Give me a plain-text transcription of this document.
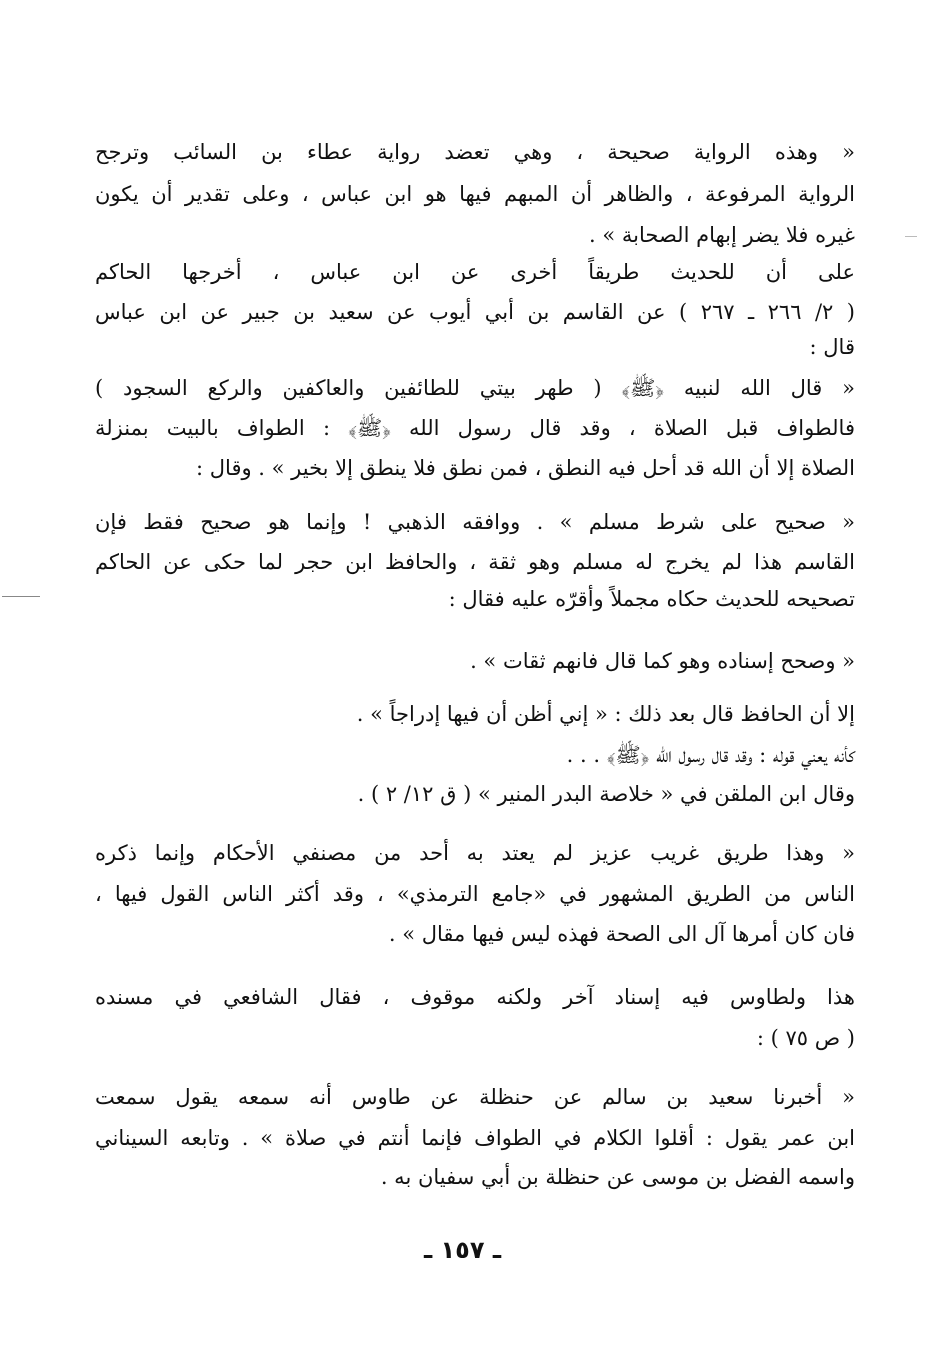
« وهذه الرواية صحيحة ، وهي تعضد رواية عطاء بن السائب وترجح
الرواية المرفوعة ، والظاهر أن المبهم فيها هو ابن عباس ، وعلى تقدير أن يكون
غيره فلا يضر إبهام الصحابة » .
على أن للحديث طريقاً أخرى عن ابن عباس ، أخرجها الحاكم
( ٢/ ٢٦٦ ـ ٢٦٧ ) عن القاسم بن أبي أيوب عن سعيد بن جبير عن ابن عباس
قال :
« قال الله لنبيه ﴿ﷺ﴾ ( طهر بيتي للطائفين والعاكفين والركع السجود )
فالطواف قبل الصلاة ، وقد قال رسول الله ﴿ﷺ﴾ : الطواف بالبيت بمنزلة
الصلاة إلا أن الله قد أحل فيه النطق ، فمن نطق فلا ينطق إلا بخير » . وقال :
« صحيح على شرط مسلم » . ووافقه الذهبي ! وإنما هو صحيح فقط فإن
القاسم هذا لم يخرج له مسلم وهو ثقة ، والحافظ ابن حجر لما حكى عن الحاكم
تصحيحه للحديث حكاه مجملاً وأقرّه عليه فقال :
« وصحح إسناده وهو كما قال فانهم ثقات » .
إلا أن الحافظ قال بعد ذلك : « إني أظن أن فيها إدراجاً » .
كأنه يعني قوله : وقد قال رسول الله ﴿ﷺ﴾ . . .
وقال ابن الملقن في « خلاصة البدر المنير » ( ق ١٢/ ٢ ) .
« وهذا طريق غريب عزيز لم يعتد به أحد من مصنفي الأحكام وإنما ذكره
الناس من الطريق المشهور في «جامع الترمذي» ، وقد أكثر الناس القول فيها ،
فان كان أمرها آل الى الصحة فهذه ليس فيها مقال » .
هذا ولطاوس فيه إسناد آخر ولكنه موقوف ، فقال الشافعي في مسنده
( ص ٧٥ ) :
« أخبرنا سعيد بن سالم عن حنظلة عن طاوس أنه سمعه يقول سمعت
ابن عمر يقول : أقلوا الكلام في الطواف فإنما أنتم في صلاة » . وتابعه السيناني
واسمه الفضل بن موسى عن حنظلة بن أبي سفيان به .
ـ ١٥٧ ـ
